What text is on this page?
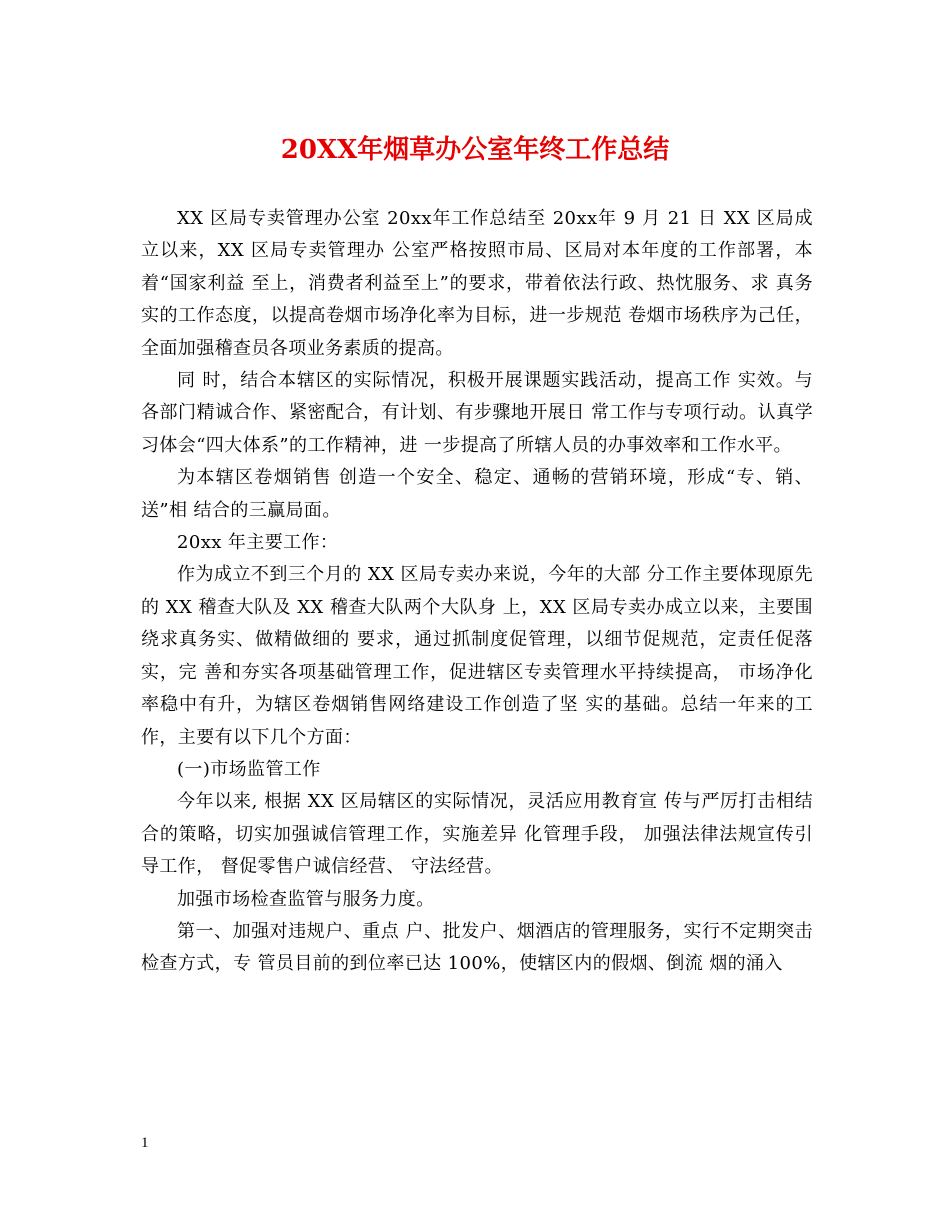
20XX年烟草办公室年终工作总结

XX 区局专卖管理办公室 20xx年工作总结至 20xx年 9 月 21 日 XX 区局成立以来，XX 区局专卖管理办 公室严格按照市局、区局对本年度的工作部署，本着“国家利益 至上，消费者利益至上”的要求，带着依法行政、热忱服务、求 真务实的工作态度，以提高卷烟市场净化率为目标，进一步规范 卷烟市场秩序为己任，全面加强稽查员各项业务素质的提高。

同 时，结合本辖区的实际情况，积极开展课题实践活动，提高工作 实效。与各部门精诚合作、紧密配合，有计划、有步骤地开展日 常工作与专项行动。认真学习体会“四大体系”的工作精神，进 一步提高了所辖人员的办事效率和工作水平。

为本辖区卷烟销售 创造一个安全、稳定、通畅的营销环境，形成“专、销、送”相 结合的三赢局面。

20xx 年主要工作：

作为成立不到三个月的 XX 区局专卖办来说，今年的大部 分工作主要体现原先的 XX 稽查大队及 XX 稽查大队两个大队身 上，XX 区局专卖办成立以来，主要围绕求真务实、做精做细的 要求，通过抓制度促管理，以细节促规范，定责任促落实，完 善和夯实各项基础管理工作，促进辖区专卖管理水平持续提高， 市场净化率稳中有升，为辖区卷烟销售网络建设工作创造了坚 实的基础。总结一年来的工作，主要有以下几个方面：

(一)市场监管工作

今年以来, 根据 XX 区局辖区的实际情况，灵活应用教育宣 传与严厉打击相结合的策略，切实加强诚信管理工作，实施差异 化管理手段， 加强法律法规宣传引导工作， 督促零售户诚信经营、 守法经营。

加强市场检查监管与服务力度。

第一、加强对违规户、重点 户、批发户、烟酒店的管理服务，实行不定期突击检查方式，专 管员目前的到位率已达 100%，使辖区内的假烟、倒流 烟的涌入

1
